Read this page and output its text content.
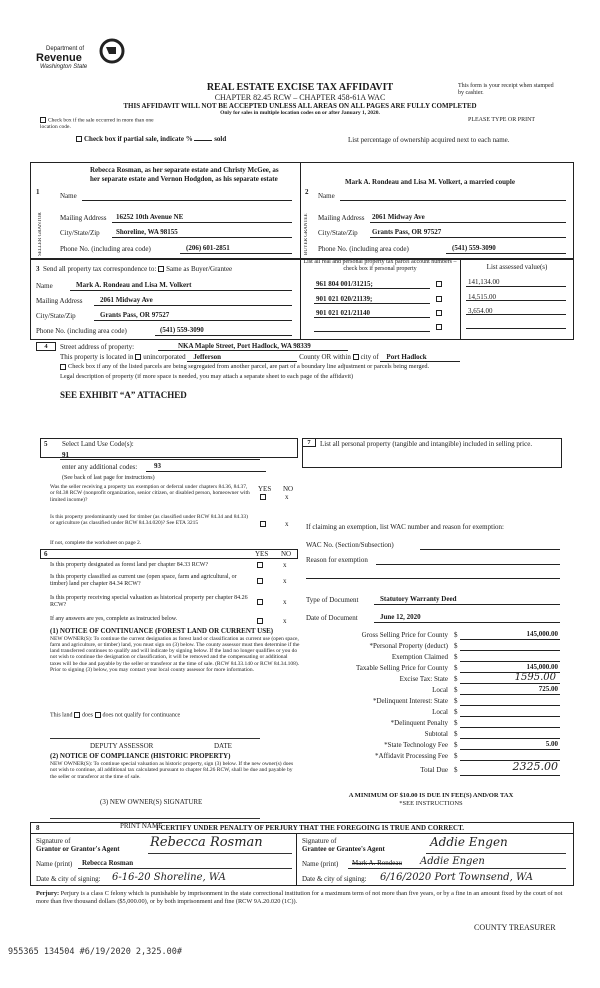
Department of
Revenue
Washington State
REAL ESTATE EXCISE TAX AFFIDAVIT
CHAPTER 82.45 RCW – CHAPTER 458-61A WAC
THIS AFFIDAVIT WILL NOT BE ACCEPTED UNLESS ALL AREAS ON ALL PAGES ARE FULLY COMPLETED
Only for sales in multiple location codes on or after January 1, 2020.
This form is your receipt when stamped by cashier.
PLEASE TYPE OR PRINT
Check box if the sale occurred in more than one location code.
Check box if partial sale, indicate %	sold	List percentage of ownership acquired next to each name.
1
SELLER GRANTOR
Name
Rebecca Rosman, as her separate estate and Christy McGee, as her separate estate and Vernon Hodgdon, as his separate estate
Mailing Address 16252 10th Avenue NE
City/State/Zip Shoreline, WA 98155
Phone No. (including area code)	(206) 601-2851
2
BUYER GRANTEE
Name
Mark A. Rondeau and Lisa M. Volkert, a married couple
Mailing Address 2061 Midway Ave
City/State/Zip Grants Pass, OR 97527
Phone No. (including area code)	(541) 559-3090
3 Send all property tax correspondence to: Same as Buyer/Grantee
Name	Mark A. Rondeau and Lisa M. Volkert
Mailing Address	2061 Midway Ave
City/State/Zip	Grants Pass, OR 97527
Phone No. (including area code)	(541) 559-3090
List all real and personal property tax parcel account numbers – check box if personal property	List assessed value(s)
961 804 001/31215;	141,134.00
901 021 020/21139;	14,515.00
901 021 021/21140	3,654.00
4	Street address of property:	NKA Maple Street, Port Hadlock, WA 98339
This property is located in unincorporated Jefferson	County OR within city of Port Hadlock
Check box if any of the listed parcels are being segregated from another parcel, are part of a boundary line adjustment or parcels being merged.
Legal description of property (if more space is needed, you may attach a separate sheet to each page of the affidavit)
SEE EXHIBIT “A” ATTACHED
5 Select Land Use Code(s):
91
enter any additional codes: 93
(See back of last page for instructions)
YES NO
Was the seller receiving a property tax exemption or deferral under chapters 84.36, 84.37, or 84.38 RCW (nonprofit organization, senior citizen, or disabled person, homeowner with limited income)?	x
Is this property predominantly used for timber (as classified under RCW 84.34 and 84.33) or agriculture (as classified under RCW 84.34.020)? See ETA 3215	x
If not, complete the worksheet on page 2.
6	YES NO
Is this property designated as forest land per chapter 84.33 RCW?	x
Is this property classified as current use (open space, farm and agricultural, or timber) land per chapter 84.34 RCW?	x
Is this property receiving special valuation as historical property per chapter 84.26 RCW?	x
If any answers are yes, complete as instructed below.	x
(1) NOTICE OF CONTINUANCE (FOREST LAND OR CURRENT USE)
NEW OWNER(S): To continue the current designation as forest land or classification as current use (open space, farm and agriculture, or timber) land, you must sign on (3) below. The county assessor must then determine if the land transferred continues to qualify and will indicate by signing below. If the land no longer qualifies or you do not wish to continue the designation or classification, it will be removed and the compensating or additional taxes will be due and payable by the seller or transferor at the time of sale. (RCW 84.33.140 or RCW 84.34.108). Prior to signing (3) below, you may contact your local county assessor for more information.
This land does does not qualify for continuance
DEPUTY ASSESSOR	DATE
(2) NOTICE OF COMPLIANCE (HISTORIC PROPERTY)
NEW OWNER(S): To continue special valuation as historic property, sign (3) below. If the new owner(s) does not wish to continue, all additional tax calculated pursuant to chapter 84.26 RCW, shall be due and payable by the seller or transferor at the time of sale.
(3) NEW OWNER(S) SIGNATURE
PRINT NAME
7	List all personal property (tangible and intangible) included in selling price.
If claiming an exemption, list WAC number and reason for exemption:
WAC No. (Section/Subsection)
Reason for exemption
Type of Document	Statutory Warranty Deed
Date of Document	June 12, 2020
Gross Selling Price for County $	145,000.00
*Personal Property (deduct) $
Exemption Claimed $
Taxable Selling Price for County $	145,000.00
Excise Tax: State $	1595.00
Local $	725.00
*Delinquent Interest: State $
Local $
*Delinquent Penalty $
Subtotal $
*State Technology Fee $	5.00
*Affidavit Processing Fee $
Total Due $	2325.00
A MINIMUM OF $10.00 IS DUE IN FEE(S) AND/OR TAX
*SEE INSTRUCTIONS
8	I CERTIFY UNDER PENALTY OF PERJURY THAT THE FOREGOING IS TRUE AND CORRECT.
Signature of
Grantor or Grantor's Agent Rebecca Rosman
Name (print) Rebecca Rosman
Date & city of signing: 6-16-20 Shoreline, WA
Signature of
Grantee or Grantee's Agent	Addie Engen
Name (print) Mark A. Rondeau Addie Engen
Date & city of signing: 6/16/2020 Port Townsend, WA
Perjury: Perjury is a class C felony which is punishable by imprisonment in the state correctional institution for a maximum term of not more than five years, or by a fine in an amount fixed by the court of not more than five thousand dollars ($5,000.00), or by both imprisonment and fine (RCW 9A.20.020 (1C)).
COUNTY TREASURER
955365 134504 #6/19/2020 2,325.00#
